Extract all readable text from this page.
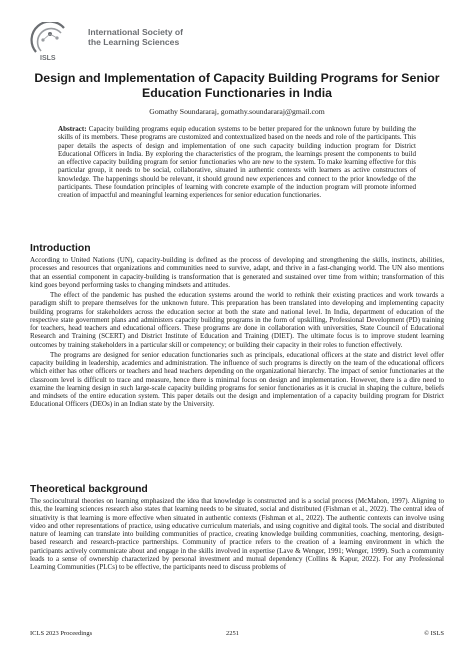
ISLS
International Society of
the Learning Sciences
Design and Implementation of Capacity Building Programs for Senior Education Functionaries in India
Gomathy Soundararaj, gomathy.soundararaj@gmail.com

Abstract: Capacity building programs equip education systems to be better prepared for the unknown future by building the skills of its members. These programs are customized and contextualized based on the needs and role of the participants. This paper details the aspects of design and implementation of one such capacity building induction program for District Educational Officers in India. By exploring the characteristics of the program, the learnings present the components to build an effective capacity building program for senior functionaries who are new to the system. To make learning effective for this particular group, it needs to be social, collaborative, situated in authentic contexts with learners as active constructors of knowledge. The happenings should be relevant, it should ground new experiences and connect to the prior knowledge of the participants. These foundation principles of learning with concrete example of the induction program will promote informed creation of impactful and meaningful learning experiences for senior education functionaries.

Introduction

According to United Nations (UN), capacity-building is defined as the process of developing and strengthening the skills, instincts, abilities, processes and resources that organizations and communities need to survive, adapt, and thrive in a fast-changing world. The UN also mentions that an essential component in capacity-building is transformation that is generated and sustained over time from within; transformation of this kind goes beyond performing tasks to changing mindsets and attitudes.

The effect of the pandemic has pushed the education systems around the world to rethink their existing practices and work towards a paradigm shift to prepare themselves for the unknown future. This preparation has been translated into developing and implementing capacity building programs for stakeholders across the education sector at both the state and national level. In India, department of education of the respective state government plans and administers capacity building programs in the form of upskilling, Professional Development (PD) training for teachers, head teachers and educational officers. These programs are done in collaboration with universities, State Council of Educational Research and Training (SCERT) and District Institute of Education and Training (DIET). The ultimate focus is to improve student learning outcomes by training stakeholders in a particular skill or competency; or building their capacity in their roles to function effectively.

The programs are designed for senior education functionaries such as principals, educational officers at the state and district level offer capacity building in leadership, academics and administration. The influence of such programs is directly on the team of the educational officers which either has other officers or teachers and head teachers depending on the organizational hierarchy. The impact of senior functionaries at the classroom level is difficult to trace and measure, hence there is minimal focus on design and implementation. However, there is a dire need to examine the learning design in such large-scale capacity building programs for senior functionaries as it is crucial in shaping the culture, beliefs and mindsets of the entire education system. This paper details out the design and implementation of a capacity building program for District Educational Officers (DEOs) in an Indian state by the University.

Theoretical background

The sociocultural theories on learning emphasized the idea that knowledge is constructed and is a social process (McMahon, 1997). Aligning to this, the learning sciences research also states that learning needs to be situated, social and distributed (Fishman et al., 2022). The central idea of situativity is that learning is more effective when situated in authentic contexts (Fishman et al., 2022). The authentic contexts can involve using video and other representations of practice, using educative curriculum materials, and using cognitive and digital tools. The social and distributed nature of learning can translate into building communities of practice, creating knowledge building communities, coaching, mentoring, design-based research and research-practice partnerships. Community of practice refers to the creation of a learning environment in which the participants actively communicate about and engage in the skills involved in expertise (Lave & Wenger, 1991; Wenger, 1999). Such a community leads to a sense of ownership characterized by personal investment and mutual dependency (Collins & Kapur, 2022). For any Professional Learning Communities (PLCs) to be effective, the participants need to discuss problems of

ICLS 2023 Proceedings	2251	© ISLS
